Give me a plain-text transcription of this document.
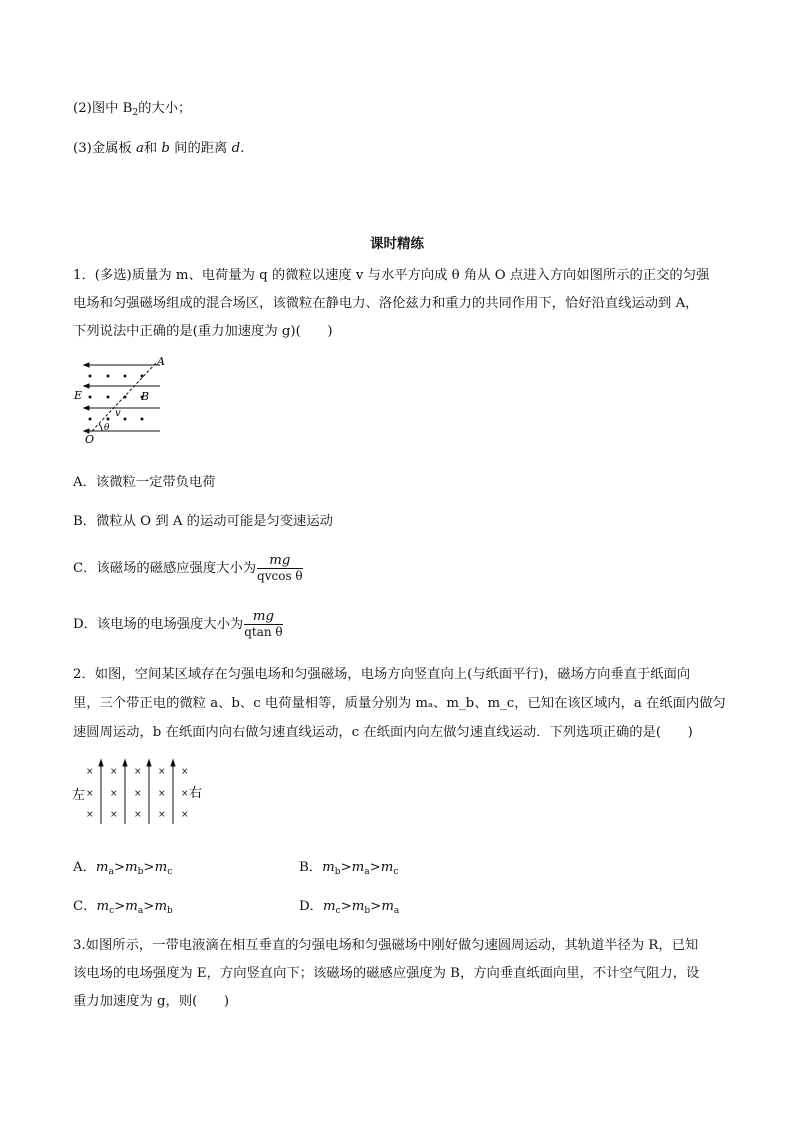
(2)图中 $B_2$的大小；
(3)金属板 a和 b 间的距离 d.
课时精练
1．(多选)质量为 m、电荷量为 q 的微粒以速度 v 与水平方向成 θ 角从 O 点进入方向如图所示的正交的匀强
电场和匀强磁场组成的混合场区，该微粒在静电力、洛伦兹力和重力的共同作用下，恰好沿直线运动到 A，
下列说法中正确的是(重力加速度为 g)(　　)
A
B
E
O
v
θ
A．该微粒一定带负电荷
B．微粒从 O 到 A 的运动可能是匀变速运动
C．该磁场的磁感应强度大小为 $\frac{mg}{\text{qvcos θ}}$
D．该电场的电场强度大小为 $\frac{mg}{\text{qtan θ}}$
2．如图，空间某区域存在匀强电场和匀强磁场，电场方向竖直向上(与纸面平行)，磁场方向垂直于纸面向
里，三个带正电的微粒 a、b、c 电荷量相等，质量分别为 mₐ、m_b、m_c，已知在该区域内，a 在纸面内做匀
速圆周运动，b 在纸面内向右做匀速直线运动，c 在纸面内向左做匀速直线运动．下列选项正确的是(　　)
× × × × ×
× × × × ×
× × × × ×
左	右
A．$m_a>m_b>m_c$	B．$m_b>m_a>m_c$
C．$m_c>m_a>m_b$	D．$m_c>m_b>m_a$
3.如图所示，一带电液滴在相互垂直的匀强电场和匀强磁场中刚好做匀速圆周运动，其轨道半径为 R，已知
该电场的电场强度为 E，方向竖直向下；该磁场的磁感应强度为 B，方向垂直纸面向里，不计空气阻力，设
重力加速度为 g，则(　　)
